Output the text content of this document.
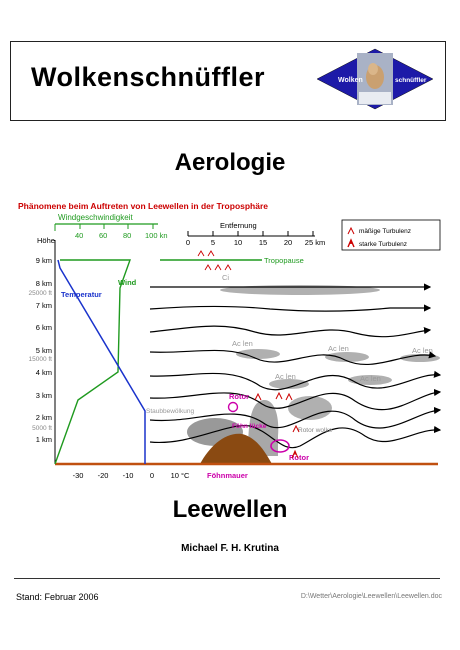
Wolkenschnüffler	Wolken	schnüffler
Aerologie
Phänomene beim Auftreten von Leewellen in der Troposphäre
Windgeschwindigkeit
40 60 80 100 kn
Höhe
9 km
8 km
7 km
6 km
5 km
4 km
3 km
2 km
1 km
25000 ft
15000 ft
5000 ft
Entfernung
0	5 10 15 20 25 km
mäßige Turbulenz
starke Turbulenz
Tropopause
Ci
Wind
Temperatur
-30 -20 -10 0 10 °C
Ac len
Ac len	Ac len
Ac len	Ac len
Staubbewölkung
Rotor
Föhn lücke
Rotor
Rotor wolke
Föhnmauer
Leewellen
Michael F. H. Krutina
Stand: Februar 2006	D:\Wetter\Aerologie\Leewellen\Leewellen.doc
